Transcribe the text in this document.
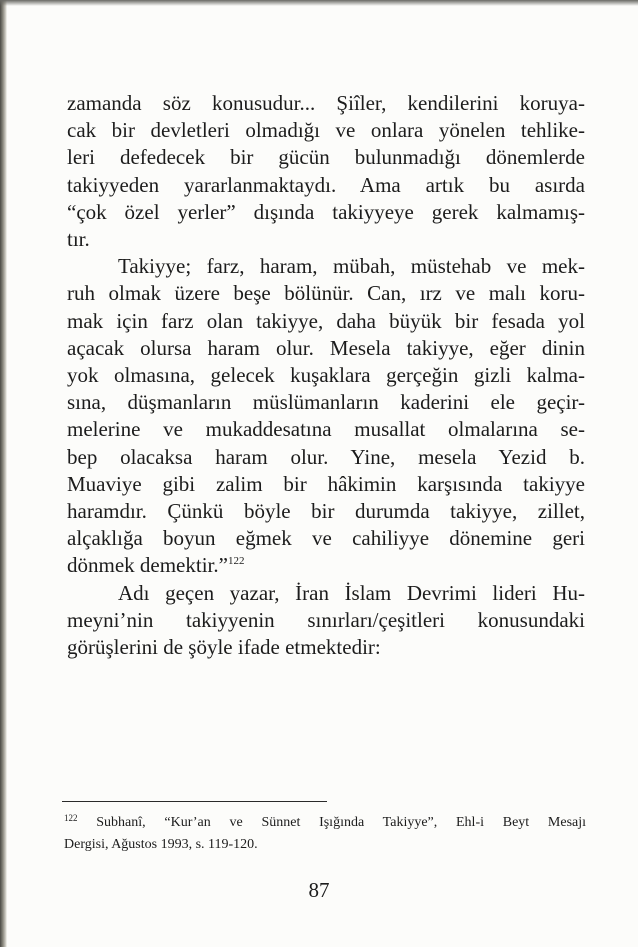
zamanda söz konusudur... Şiîler, kendilerini koruya-
cak bir devletleri olmadığı ve onlara yönelen tehlike-
leri defedecek bir gücün bulunmadığı dönemlerde
takiyyeden yararlanmaktaydı. Ama artık bu asırda
“çok özel yerler” dışında takiyyeye gerek kalmamış-
tır.

Takiyye; farz, haram, mübah, müstehab ve mek-
ruh olmak üzere beşe bölünür. Can, ırz ve malı koru-
mak için farz olan takiyye, daha büyük bir fesada yol
açacak olursa haram olur. Mesela takiyye, eğer dinin
yok olmasına, gelecek kuşaklara gerçeğin gizli kalma-
sına, düşmanların müslümanların kaderini ele geçir-
melerine ve mukaddesatına musallat olmalarına se-
bep olacaksa haram olur. Yine, mesela Yezid b.
Muaviye gibi zalim bir hâkimin karşısında takiyye
haramdır. Çünkü böyle bir durumda takiyye, zillet,
alçaklığa boyun eğmek ve cahiliyye dönemine geri
dönmek demektir.”$^{122}$

Adı geçen yazar, İran İslam Devrimi lideri Hu-
meyni’nin takiyyenin sınırları/çeşitleri konusundaki
görüşlerini de şöyle ifade etmektedir:

$^{122}$ Subhanî, “Kur’an ve Sünnet Işığında Takiyye”, Ehl-i Beyt Mesajı
Dergisi, Ağustos 1993, s. 119-120.
87
